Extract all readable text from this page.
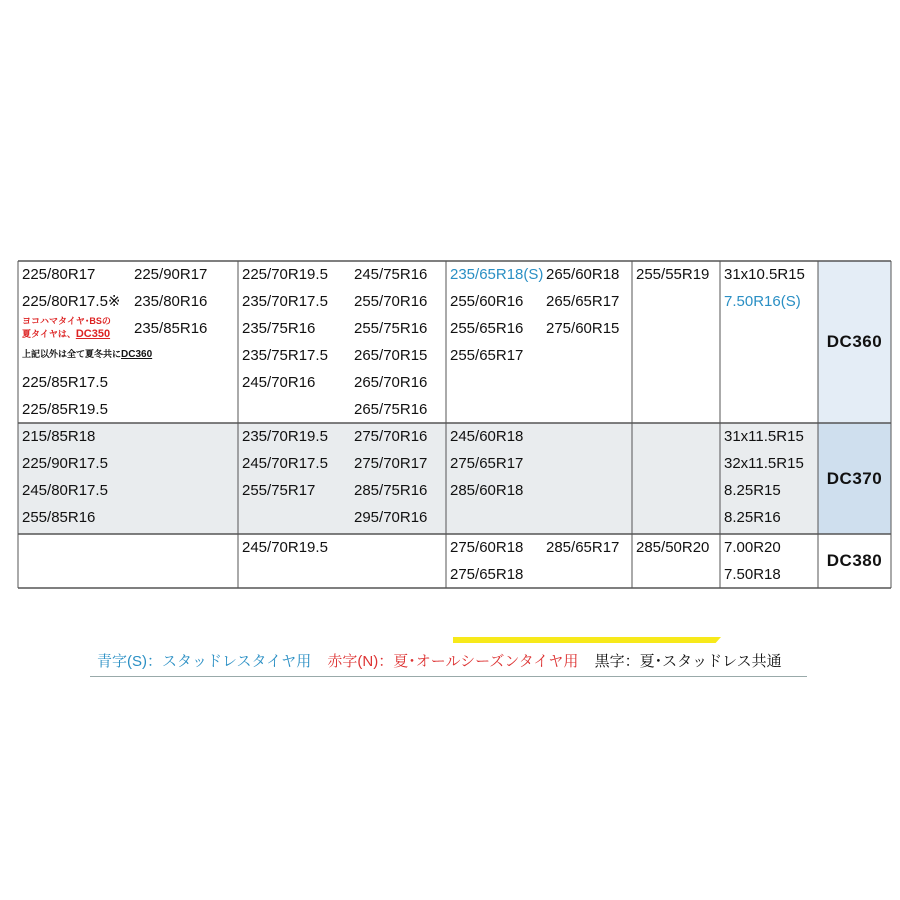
225/80R17
225/80R17.5※
225/85R17.5
225/85R19.5
ヨコハマタイヤ･BSの
夏タイヤは、DC350
上記以外は全て夏冬共にDC360
225/90R17
235/80R16
235/85R16
225/70R19.5
235/70R17.5
235/75R16
235/75R17.5
245/70R16
245/75R16
255/70R16
255/75R16
265/70R15
265/70R16
265/75R16
235/65R18(S)
255/60R16
255/65R16
255/65R17
265/60R18
265/65R17
275/60R15
255/55R19 31x10.5R15
7.50R16(S)
DC360
215/85R18
225/90R17.5
245/80R17.5
255/85R16
235/70R19.5
245/70R17.5
255/75R17
275/70R16
275/70R17
285/75R16
295/70R16
245/60R18
275/65R17
285/60R18
31x11.5R15
32x11.5R15
8.25R15
8.25R16
DC370
245/70R19.5	275/60R18
275/65R18
285/65R17 285/50R20 7.00R20
7.50R18
DC380
青字(S)：スタッドレスタイヤ用 赤字(N)：夏･オールシーズンタイヤ用 黒字：夏･スタッドレス共通
